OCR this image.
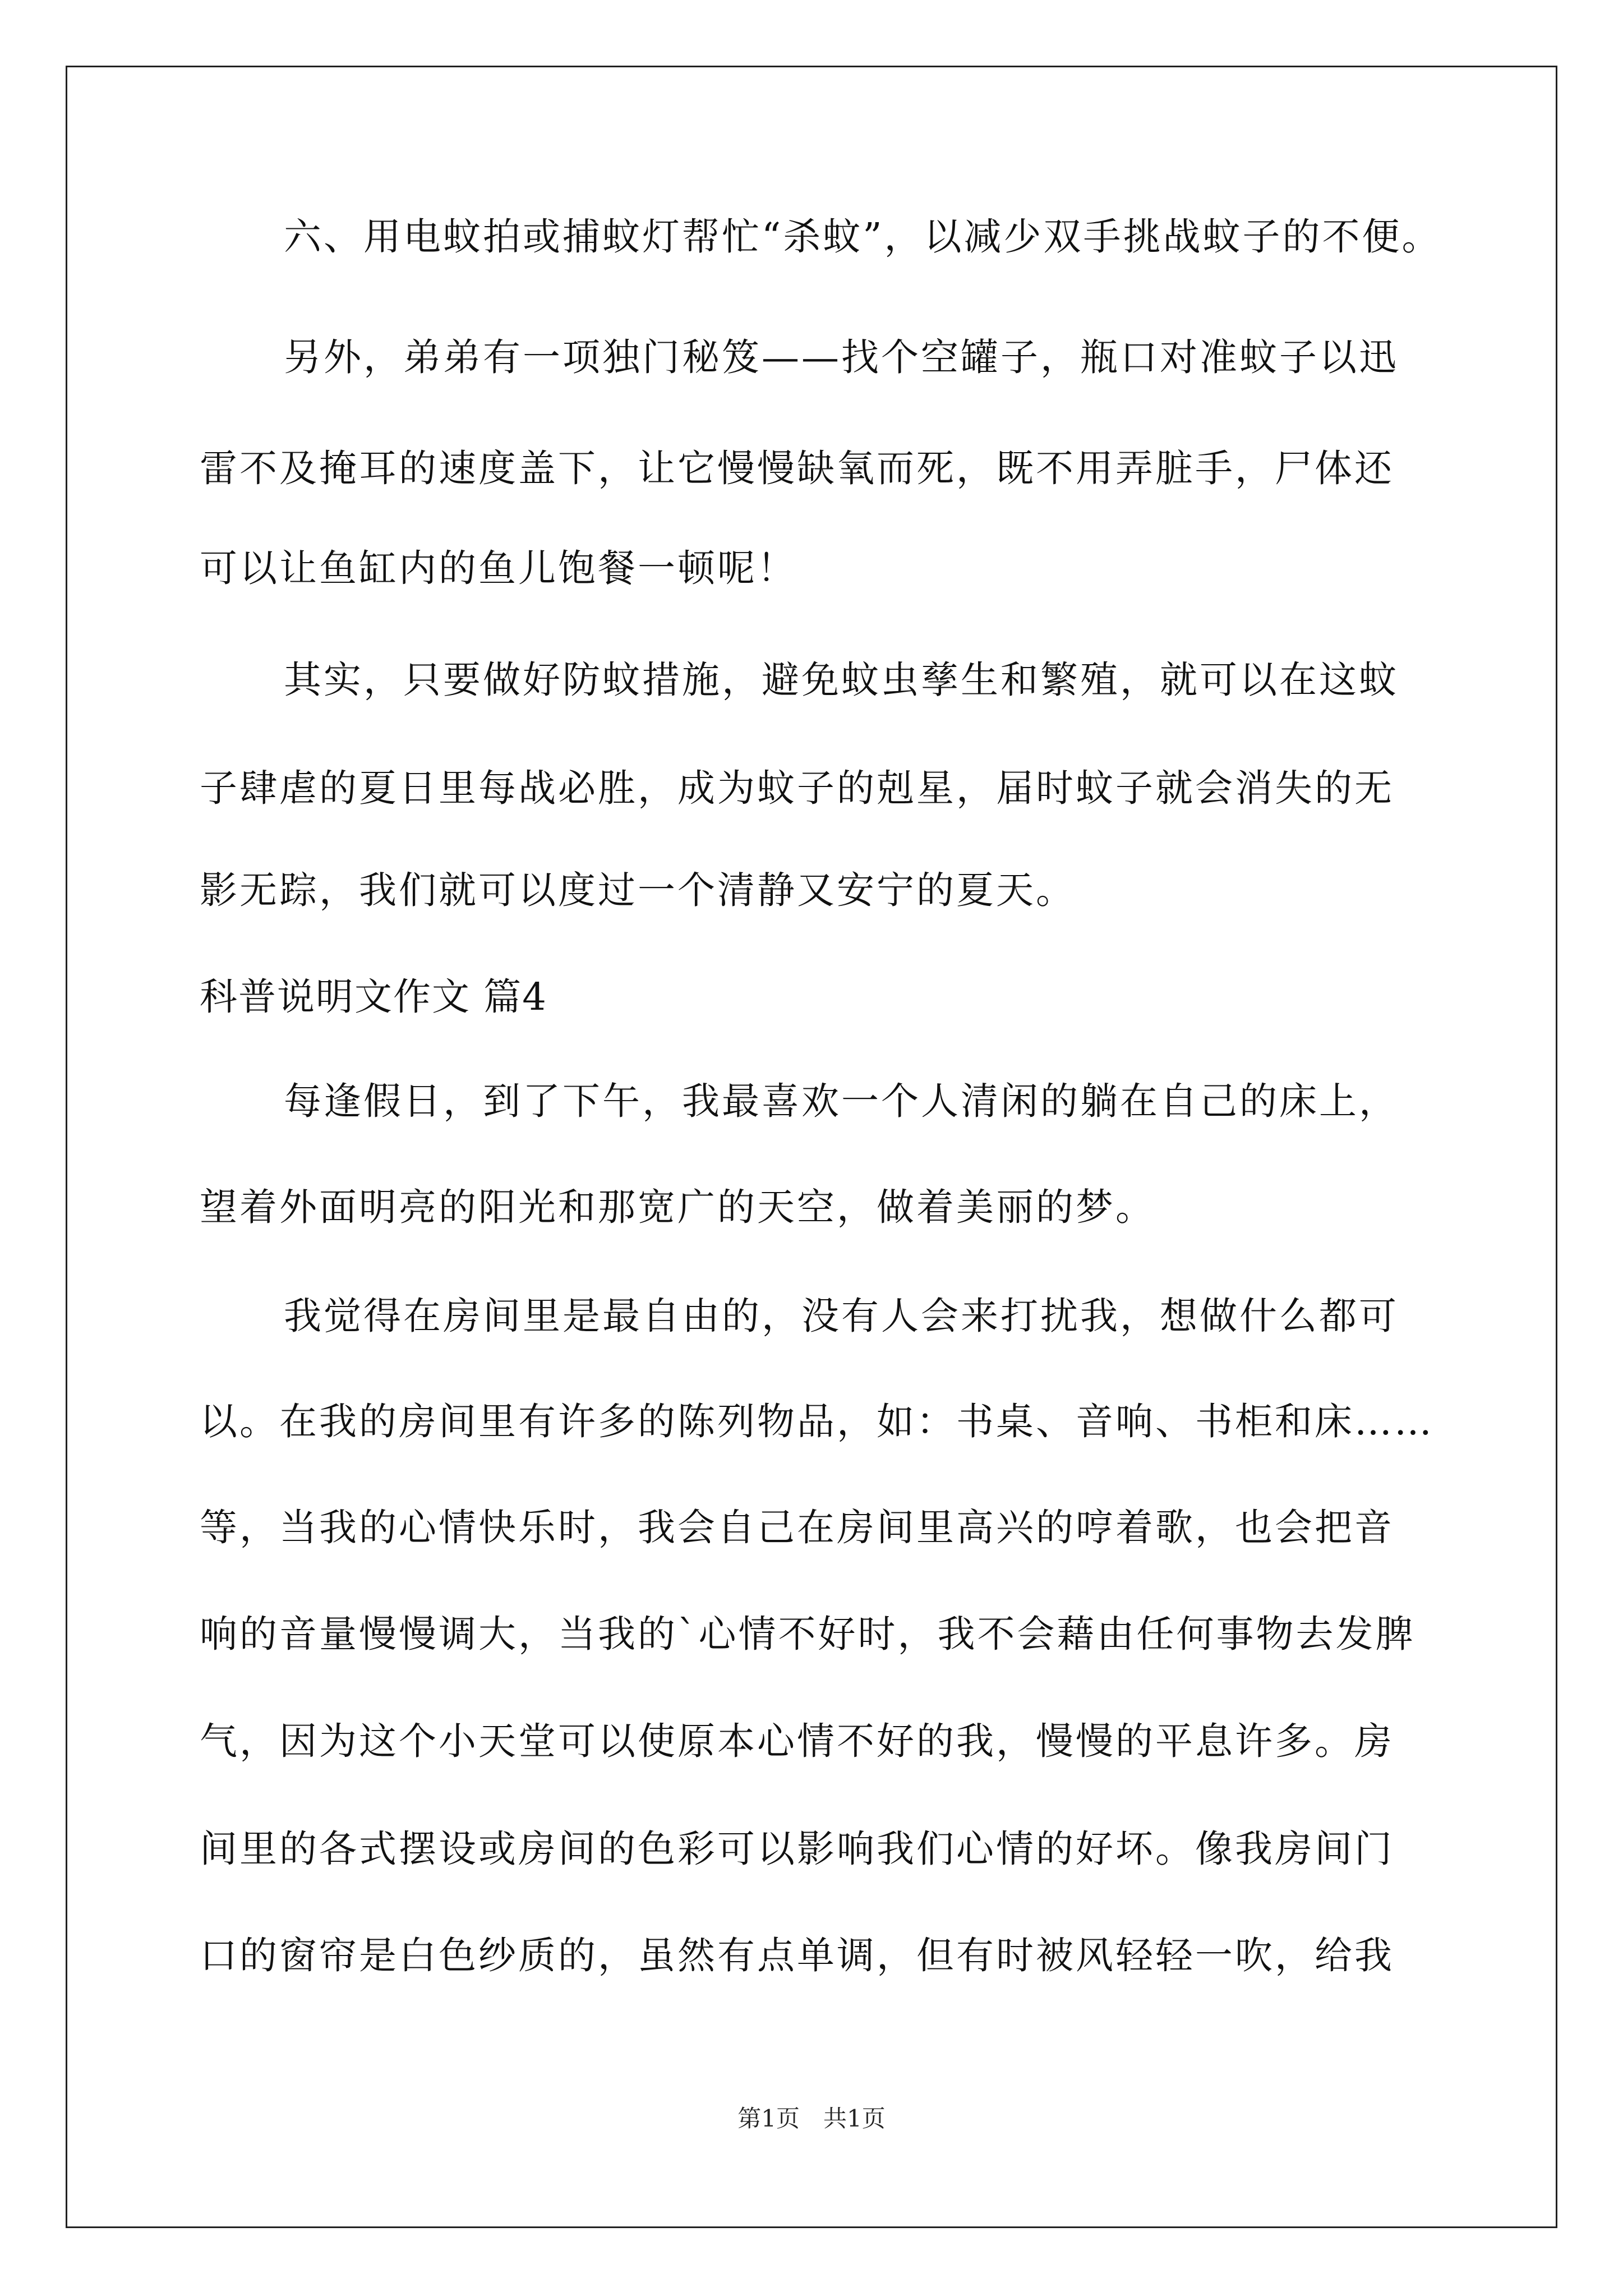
六、用电蚊拍或捕蚊灯帮忙“杀蚊”，以减少双手挑战蚊子的不便。
另外，弟弟有一项独门秘笈——找个空罐子，瓶口对准蚊子以迅
雷不及掩耳的速度盖下，让它慢慢缺氧而死，既不用弄脏手，尸体还
可以让鱼缸内的鱼儿饱餐一顿呢！
其实，只要做好防蚊措施，避免蚊虫孳生和繁殖，就可以在这蚊
子肆虐的夏日里每战必胜，成为蚊子的剋星，届时蚊子就会消失的无
影无踪，我们就可以度过一个清静又安宁的夏天。
科普说明文作文 篇4
每逢假日，到了下午，我最喜欢一个人清闲的躺在自己的床上，
望着外面明亮的阳光和那宽广的天空，做着美丽的梦。
我觉得在房间里是最自由的，没有人会来打扰我，想做什么都可
以。在我的房间里有许多的陈列物品，如：书桌、音响、书柜和床……
等，当我的心情快乐时，我会自己在房间里高兴的哼着歌，也会把音
响的音量慢慢调大，当我的`心情不好时，我不会藉由任何事物去发脾
气，因为这个小天堂可以使原本心情不好的我，慢慢的平息许多。房
间里的各式摆设或房间的色彩可以影响我们心情的好坏。像我房间门
口的窗帘是白色纱质的，虽然有点单调，但有时被风轻轻一吹，给我
第1页　共1页
